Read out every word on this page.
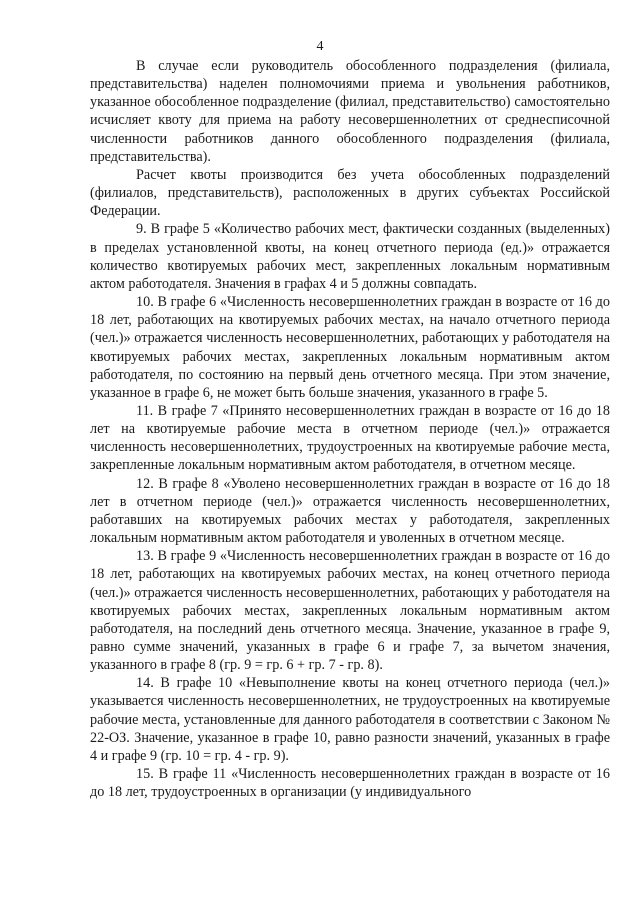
4

В случае если руководитель обособленного подразделения (филиала, представительства) наделен полномочиями приема и увольнения работников, указанное обособленное подразделение (филиал, представительство) самостоятельно исчисляет квоту для приема на работу несовершеннолетних от среднесписочной численности работников данного обособленного подразделения (филиала, представительства).

Расчет квоты производится без учета обособленных подразделений (филиалов, представительств), расположенных в других субъектах Российской Федерации.

9. В графе 5 «Количество рабочих мест, фактически созданных (выделенных) в пределах установленной квоты, на конец отчетного периода (ед.)» отражается количество квотируемых рабочих мест, закрепленных локальным нормативным актом работодателя. Значения в графах 4 и 5 должны совпадать.

10. В графе 6 «Численность несовершеннолетних граждан в возрасте от 16 до 18 лет, работающих на квотируемых рабочих местах, на начало отчетного периода (чел.)» отражается численность несовершеннолетних, работающих у работодателя на квотируемых рабочих местах, закрепленных локальным нормативным актом работодателя, по состоянию на первый день отчетного месяца. При этом значение, указанное в графе 6, не может быть больше значения, указанного в графе 5.

11. В графе 7 «Принято несовершеннолетних граждан в возрасте от 16 до 18 лет на квотируемые рабочие места в отчетном периоде (чел.)» отражается численность несовершеннолетних, трудоустроенных на квотируемые рабочие места, закрепленные локальным нормативным актом работодателя, в отчетном месяце.

12. В графе 8 «Уволено несовершеннолетних граждан в возрасте от 16 до 18 лет в отчетном периоде (чел.)» отражается численность несовершеннолетних, работавших на квотируемых рабочих местах у работодателя, закрепленных локальным нормативным актом работодателя и уволенных в отчетном месяце.

13. В графе 9 «Численность несовершеннолетних граждан в возрасте от 16 до 18 лет, работающих на квотируемых рабочих местах, на конец отчетного периода (чел.)» отражается численность несовершеннолетних, работающих у работодателя на квотируемых рабочих местах, закрепленных локальным нормативным актом работодателя, на последний день отчетного месяца. Значение, указанное в графе 9, равно сумме значений, указанных в графе 6 и графе 7, за вычетом значения, указанного в графе 8 (гр. 9 = гр. 6 + гр. 7 - гр. 8).

14. В графе 10 «Невыполнение квоты на конец отчетного периода (чел.)» указывается численность несовершеннолетних, не трудоустроенных на квотируемые рабочие места, установленные для данного работодателя в соответствии с Законом № 22-ОЗ. Значение, указанное в графе 10, равно разности значений, указанных в графе 4 и графе 9 (гр. 10 = гр. 4 - гр. 9).

15. В графе 11 «Численность несовершеннолетних граждан в возрасте от 16 до 18 лет, трудоустроенных в организации (у индивидуального
